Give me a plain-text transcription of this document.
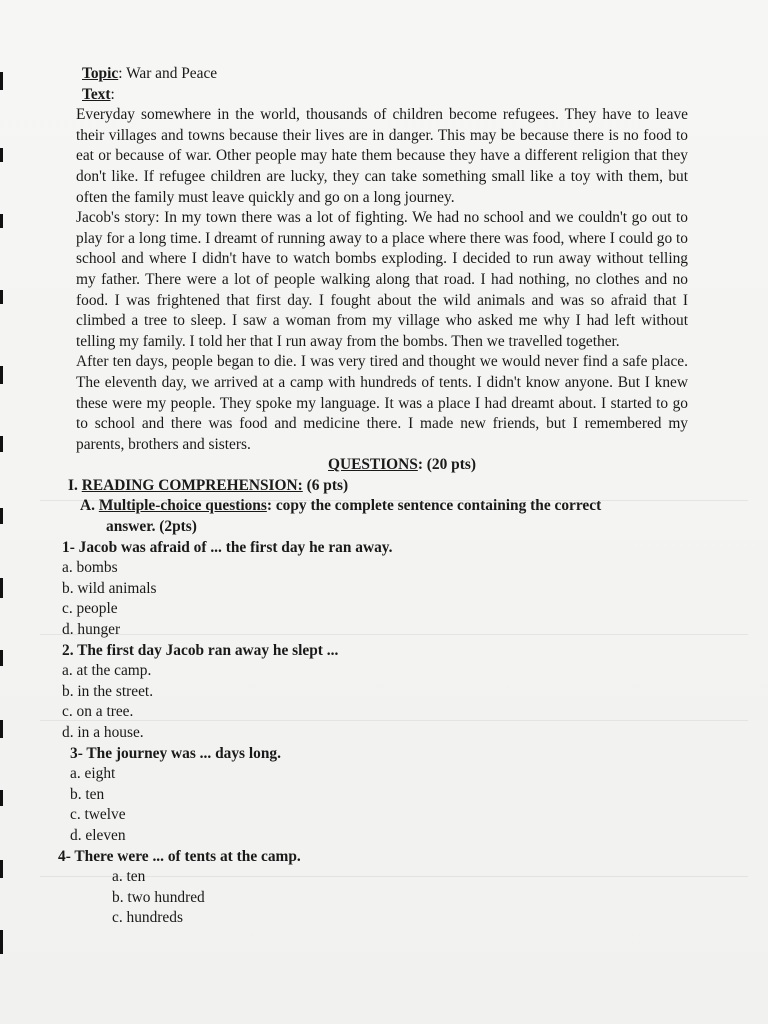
Topic: War and Peace

Text:

Everyday somewhere in the world, thousands of children become refugees. They have to leave their villages and towns because their lives are in danger. This may be because there is no food to eat or because of war. Other people may hate them because they have a different religion that they don't like. If refugee children are lucky, they can take something small like a toy with them, but often the family must leave quickly and go on a long journey.

Jacob's story: In my town there was a lot of fighting. We had no school and we couldn't go out to play for a long time. I dreamt of running away to a place where there was food, where I could go to school and where I didn't have to watch bombs exploding. I decided to run away without telling my father. There were a lot of people walking along that road. I had nothing, no clothes and no food. I was frightened that first day. I fought about the wild animals and was so afraid that I climbed a tree to sleep. I saw a woman from my village who asked me why I had left without telling my family. I told her that I run away from the bombs. Then we travelled together.

After ten days, people began to die. I was very tired and thought we would never find a safe place. The eleventh day, we arrived at a camp with hundreds of tents. I didn't know anyone. But I knew these were my people. They spoke my language. It was a place I had dreamt about. I started to go to school and there was food and medicine there. I made new friends, but I remembered my parents, brothers and sisters.

QUESTIONS: (20 pts)

I. READING COMPREHENSION: (6 pts)

A. Multiple-choice questions: copy the complete sentence containing the correct
answer. (2pts)

1- Jacob was afraid of ... the first day he ran away.

a. bombs

b. wild animals

c. people

d. hunger

2. The first day Jacob ran away he slept ...

a. at the camp.

b. in the street.

c. on a tree.

d. in a house.

3- The journey was ... days long.

a. eight

b. ten

c. twelve

d. eleven

4- There were ... of tents at the camp.

a. ten

b. two hundred

c. hundreds
